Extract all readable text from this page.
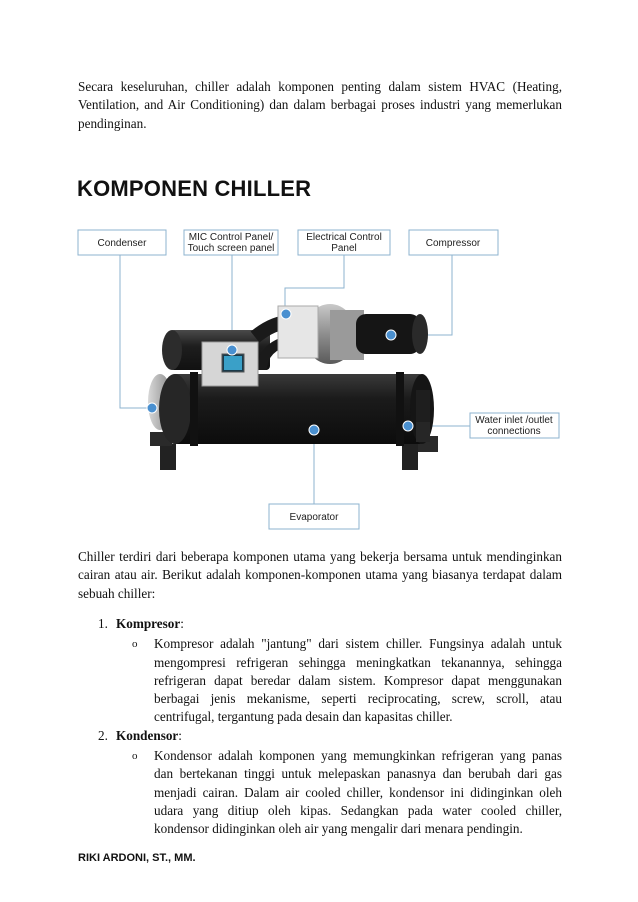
Secara keseluruhan, chiller adalah komponen penting dalam sistem HVAC (Heating, Ventilation, and Air Conditioning) dan dalam berbagai proses industri yang memerlukan pendinginan.

KOMPONEN CHILLER
Condenser
MIC Control Panel/
Touch screen panel
Electrical Control
Panel	Compressor
Water inlet /outlet
connections
Evaporator

Chiller terdiri dari beberapa komponen utama yang bekerja bersama untuk mendinginkan cairan atau air. Berikut adalah komponen-komponen utama yang biasanya terdapat dalam sebuah chiller:

1. Kompresor:
o Kompresor adalah "jantung" dari sistem chiller. Fungsinya adalah untuk mengompresi refrigeran sehingga meningkatkan tekanannya, sehingga refrigeran dapat beredar dalam sistem. Kompresor dapat menggunakan berbagai jenis mekanisme, seperti reciprocating, screw, scroll, atau centrifugal, tergantung pada desain dan kapasitas chiller.
2. Kondensor:
o Kondensor adalah komponen yang memungkinkan refrigeran yang panas dan bertekanan tinggi untuk melepaskan panasnya dan berubah dari gas menjadi cairan. Dalam air cooled chiller, kondensor ini didinginkan oleh udara yang ditiup oleh kipas. Sedangkan pada water cooled chiller, kondensor didinginkan oleh air yang mengalir dari menara pendingin.

RIKI ARDONI, ST., MM.
